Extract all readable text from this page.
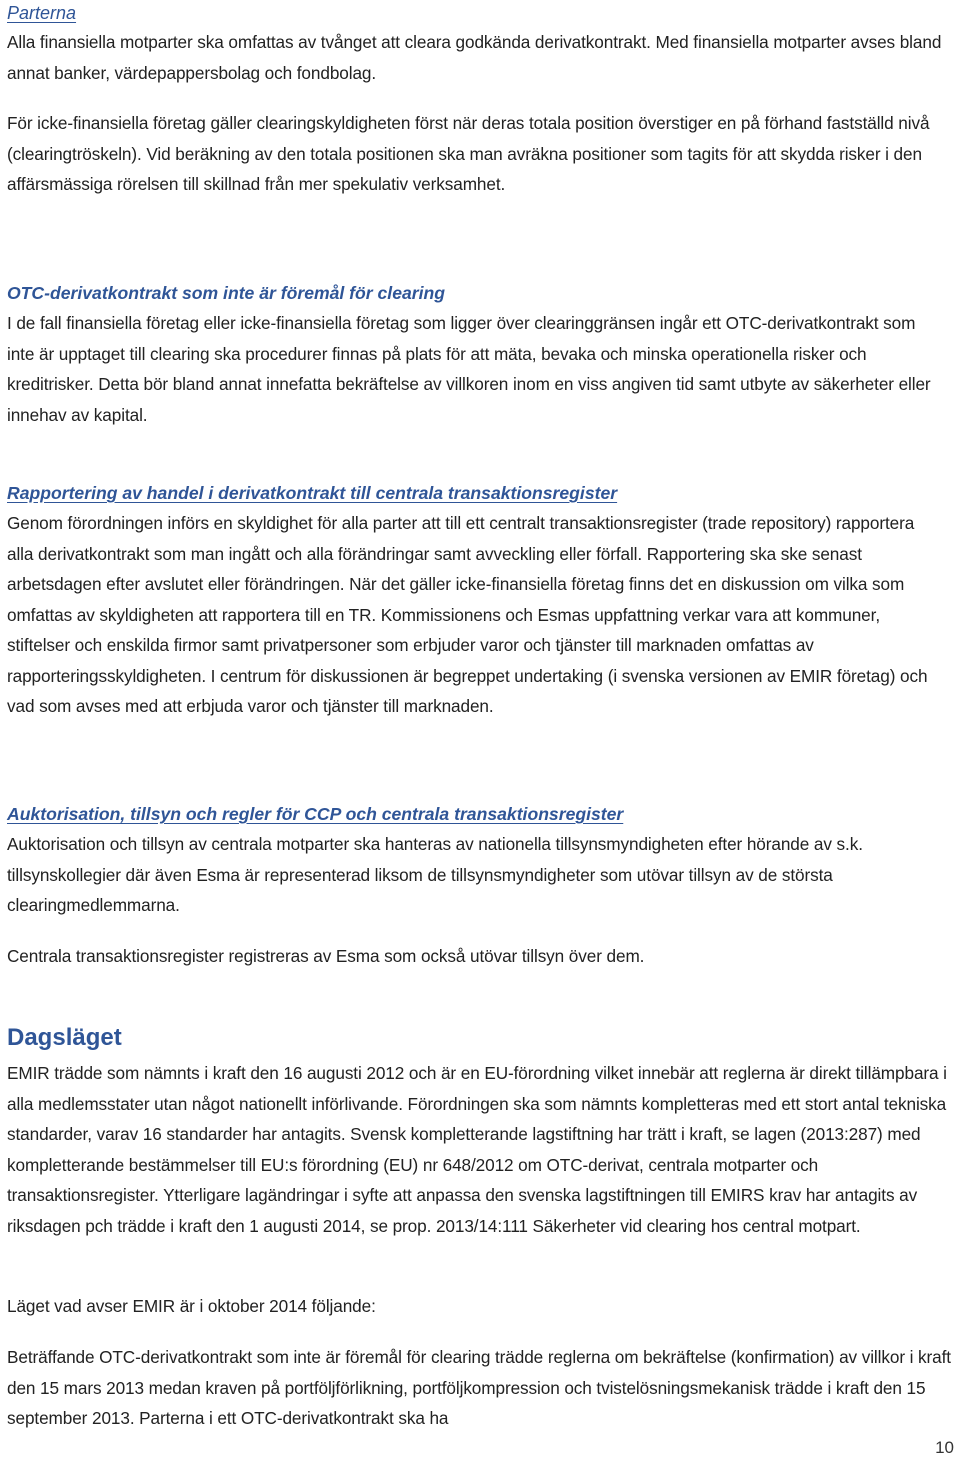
Parterna

Alla finansiella motparter ska omfattas av tvånget att cleara godkända derivatkontrakt. Med finansiella motparter avses bland annat banker, värdepappersbolag och fondbolag.

För icke-finansiella företag gäller clearingskyldigheten först när deras totala position överstiger en på förhand fastställd nivå (clearingtröskeln). Vid beräkning av den totala positionen ska man avräkna positioner som tagits för att skydda risker i den affärsmässiga rörelsen till skillnad från mer spekulativ verksamhet.

OTC-derivatkontrakt som inte är föremål för clearing

I de fall finansiella företag eller icke-finansiella företag som ligger över clearinggränsen ingår ett OTC-derivatkontrakt som inte är upptaget till clearing ska procedurer finnas på plats för att mäta, bevaka och minska operationella risker och kreditrisker. Detta bör bland annat innefatta bekräftelse av villkoren inom en viss angiven tid samt utbyte av säkerheter eller innehav av kapital.

Rapportering av handel i derivatkontrakt till centrala transaktionsregister

Genom förordningen införs en skyldighet för alla parter att till ett centralt transaktionsregister (trade repository) rapportera alla derivatkontrakt som man ingått och alla förändringar samt avveckling eller förfall. Rapportering ska ske senast arbetsdagen efter avslutet eller förändringen. När det gäller icke-finansiella företag finns det en diskussion om vilka som omfattas av skyldigheten att rapportera till en TR. Kommissionens och Esmas uppfattning verkar vara att kommuner, stiftelser och enskilda firmor samt privatpersoner som erbjuder varor och tjänster till marknaden omfattas av rapporteringsskyldigheten. I centrum för diskussionen är begreppet undertaking (i svenska versionen av EMIR företag) och vad som avses med att erbjuda varor och tjänster till marknaden.

Auktorisation, tillsyn och regler för CCP och centrala transaktionsregister

Auktorisation och tillsyn av centrala motparter ska hanteras av nationella tillsynsmyndigheten efter hörande av s.k. tillsynskollegier där även Esma är representerad liksom de tillsynsmyndigheter som utövar tillsyn av de största clearingmedlemmarna.

Centrala transaktionsregister registreras av Esma som också utövar tillsyn över dem.

Dagsläget

EMIR trädde som nämnts i kraft den 16 augusti 2012 och är en EU-förordning vilket innebär att reglerna är direkt tillämpbara i alla medlemsstater utan något nationellt införlivande. Förordningen ska som nämnts kompletteras med ett stort antal tekniska standarder, varav 16 standarder har antagits. Svensk kompletterande lagstiftning har trätt i kraft, se lagen (2013:287) med kompletterande bestämmelser till EU:s förordning (EU) nr 648/2012 om OTC-derivat, centrala motparter och transaktionsregister. Ytterligare lagändringar i syfte att anpassa den svenska lagstiftningen till EMIRS krav har antagits av riksdagen pch trädde i kraft den 1 augusti 2014, se prop. 2013/14:111 Säkerheter vid clearing hos central motpart.

Läget vad avser EMIR är i oktober 2014 följande:

Beträffande OTC-derivatkontrakt som inte är föremål för clearing trädde reglerna om bekräftelse (konfirmation) av villkor i kraft den 15 mars 2013 medan kraven på portföljförlikning, portföljkompression och tvistelösningsmekanisk trädde i kraft den 15 september 2013. Parterna i ett OTC-derivatkontrakt ska ha

10
